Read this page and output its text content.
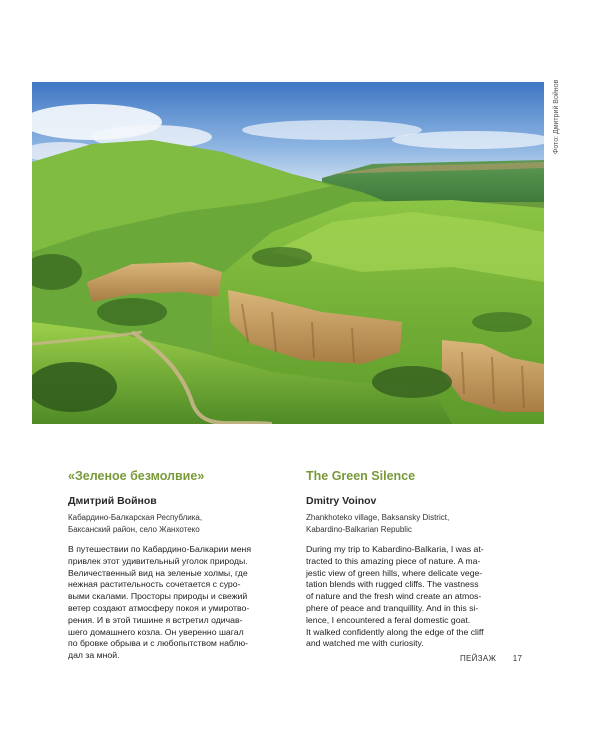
Фото: Дмитрий Войнов
«Зеленое безмолвие»
Дмитрий Войнов
Кабардино-Балкарская Республика,
Баксанский район, село Жанхотеко
В путешествии по Кабардино-Балкарии меня
привлек этот удивительный уголок природы.
Величественный вид на зеленые холмы, где
нежная растительность сочетается с суро-
выми скалами. Просторы природы и свежий
ветер создают атмосферу покоя и умиротво-
рения. И в этой тишине я встретил одичав-
шего домашнего козла. Он уверенно шагал
по бровке обрыва и с любопытством наблю-
дал за мной.
The Green Silence
Dmitry Voinov
Zhankhoteko village, Baksansky District,
Kabardino-Balkarian Republic
During my trip to Kabardino-Balkaria, I was at-
tracted to this amazing piece of nature. A ma-
jestic view of green hills, where delicate vege-
tation blends with rugged cliffs. The vastness
of nature and the fresh wind create an atmos-
phere of peace and tranquillity. And in this si-
lence, I encountered a feral domestic goat.
It walked confidently along the edge of the cliff
and watched me with curiosity.
ПЕЙЗАЖ 17
